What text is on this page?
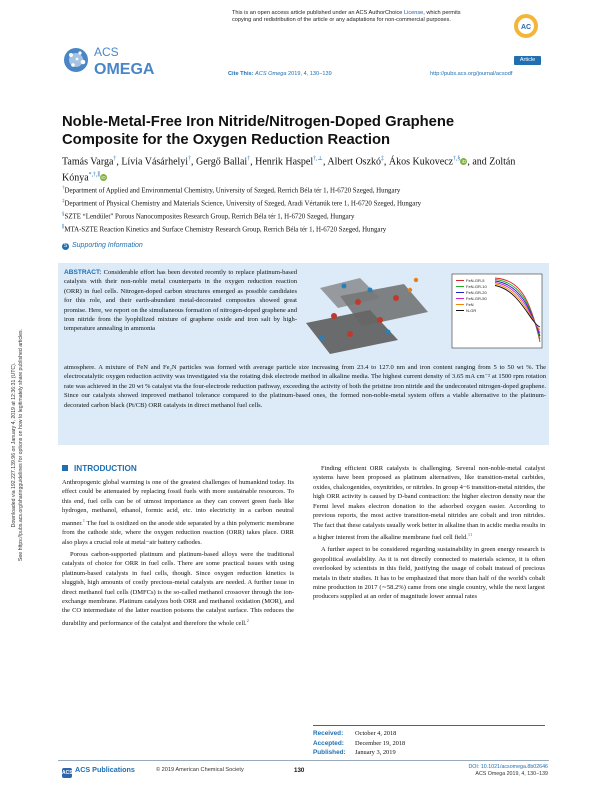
Downloaded via 192.227.139.96 on January 4, 2019 at 12:36:31 (UTC). See https://pubs.acs.org/sharingguidelines for options on how to legitimately share published articles.
This is an open access article published under an ACS AuthorChoice License, which permits copying and redistribution of the article or any adaptations for non-commercial purposes.
ACS
OMEGA
AC
Article
Cite This: ACS Omega 2019, 4, 130−139	http://pubs.acs.org/journal/acsodf
Noble-Metal-Free Iron Nitride/Nitrogen-Doped Graphene Composite for the Oxygen Reduction Reaction
Tamás Varga†, Lívia Vásárhelyi†, Gergő Ballai†, Henrik Haspel†,⊥, Albert Oszkó‡, Ákos Kukovecz†,§iD, and Zoltán Kónya*,†,∥iD
†Department of Applied and Environmental Chemistry, University of Szeged, Rerrich Béla tér 1, H-6720 Szeged, Hungary
‡Department of Physical Chemistry and Materials Science, University of Szeged, Aradi Vértanúk tere 1, H-6720 Szeged, Hungary
§SZTE “Lendület” Porous Nanocomposites Research Group, Rerrich Béla tér 1, H-6720 Szeged, Hungary
∥MTA-SZTE Reaction Kinetics and Surface Chemistry Research Group, Rerrich Béla tér 1, H-6720 Szeged, Hungary
S Supporting Information
ABSTRACT: Considerable effort has been devoted recently to replace platinum-based catalysts with their non-noble metal counterparts in the oxygen reduction reaction (ORR) in fuel cells. Nitrogen-doped carbon structures emerged as possible candidates for this role, and their earth-abundant metal-decorated composites showed great promise. Here, we report on the simultaneous formation of nitrogen-doped graphene and iron nitride from the lyophilized mixture of graphene oxide and iron salt by high-temperature annealing in ammonia
atmosphere. A mixture of FeN and Fe₂N particles was formed with average particle size increasing from 23.4 to 127.0 nm and iron content ranging from 5 to 50 wt %. The electrocatalytic oxygen reduction activity was investigated via the rotating disk electrode method in alkaline media. The highest current density of 3.65 mA cm⁻² at 1500 rpm rotation rate was achieved in the 20 wt % catalyst via the four-electrode reduction pathway, exceeding the activity of both the pristine iron nitride and the undecorated nitrogen-doped graphene. Since our catalysts showed improved methanol tolerance compared to the platinum-based ones, the formed non-noble-metal system offers a viable alternative to the platinum-decorated carbon black (Pt/CB) ORR catalysts in direct methanol fuel cells.
FeN-GR-5
FeN-GR-10
FeN-GR-20
FeN-GR-50
FeN
N-GR
INTRODUCTION

Anthropogenic global warming is one of the greatest challenges of humankind today. Its effect could be attenuated by replacing fossil fuels with more sustainable resources. To this end, fuel cells can be of utmost importance as they can convert green fuels like hydrogen, methanol, ethanol, formic acid, etc. into electricity in a carbon neutral manner.$^1$ The fuel is oxidized on the anode side separated by a thin polymeric membrane from the cathode side, where the oxygen reduction reaction (ORR) takes place. ORR also plays a crucial role at metal−air battery cathodes.

Porous carbon-supported platinum and platinum-based alloys were the traditional catalysts of choice for ORR in fuel cells. There are some practical issues with using platinum-based catalysts in fuel cells, though. Since oxygen reduction kinetics is sluggish, high amounts of costly precious-metal catalysts are needed. A further issue in direct methanol fuel cells (DMFCs) is the so-called methanol crossover through the ion-exchange membrane. Platinum catalyzes both ORR and methanol oxidation (MOR), and the CO intermediate of the latter reaction poisons the catalyst surface. This reduces the durability and performance of the catalyst and therefore the whole cell.$^2$

Finding efficient ORR catalysts is challenging. Several non-noble-metal catalyst systems have been proposed as platinum alternatives, like transition-metal carbides, oxides, chalcogenides, oxynitrides, or nitrides. In group 4−6 transition-metal nitrides, the high ORR activity is caused by D-band contraction: the higher electron density near the Fermi level makes electron donation to the adsorbed oxygen easier. According to previous reports, the most active transition-metal nitrides are cobalt and iron nitrides. The fact that these catalysts usually work better in alkaline than in acidic media results in a higher interest from the alkaline membrane fuel cell field.$^{11}$

A further aspect to be considered regarding sustainability in green energy research is geopolitical availability. As it is not directly connected to materials science, it is often overlooked by scientists in this field, justifying the usage of cobalt instead of precious metals in their studies. It has to be emphasized that more than half of the world's cobalt mine production in 2017 (∼58.2%) came from one single country, while the next largest producers supplied at an order of magnitude lower annual rates

Received: October 4, 2018
Accepted: December 19, 2018
Published: January 3, 2019
ACS ACS Publications	© 2019 American Chemical Society	130	DOI: 10.1021/acsomega.8b02646
ACS Omega 2019, 4, 130−139
